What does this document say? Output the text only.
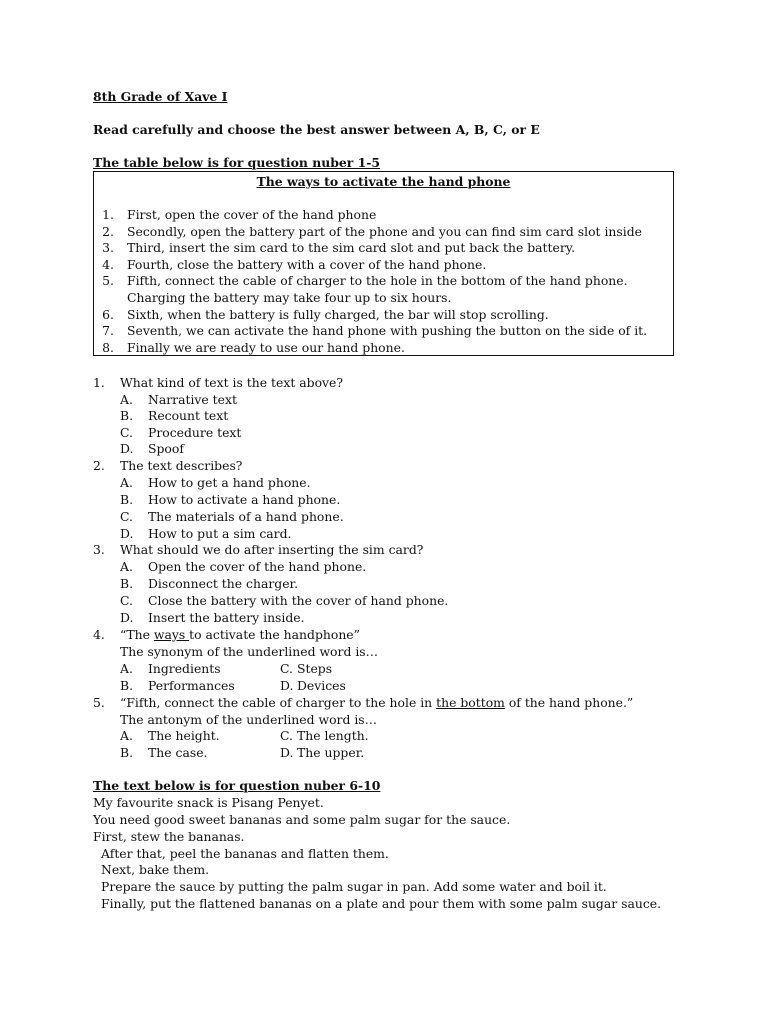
8th Grade of Xave I
Read carefully and choose the best answer between A, B, C, or E
The table below is for question nuber 1-5
The ways to activate the hand phone
1. First, open the cover of the hand phone
2. Secondly, open the battery part of the phone and you can find sim card slot inside
3. Third, insert the sim card to the sim card slot and put back the battery.
4. Fourth, close the battery with a cover of the hand phone.
5. Fifth, connect the cable of charger to the hole in the bottom of the hand phone.
Charging the battery may take four up to six hours.
6. Sixth, when the battery is fully charged, the bar will stop scrolling.
7. Seventh, we can activate the hand phone with pushing the button on the side of it.
8. Finally we are ready to use our hand phone.
1. What kind of text is the text above?
A. Narrative text
B. Recount text
C. Procedure text
D. Spoof
2. The text describes?
A. How to get a hand phone.
B. How to activate a hand phone.
C. The materials of a hand phone.
D. How to put a sim card.
3. What should we do after inserting the sim card?
A. Open the cover of the hand phone.
B. Disconnect the charger.
C. Close the battery with the cover of hand phone.
D. Insert the battery inside.
4. “The ways to activate the handphone”
The synonym of the underlined word is…
A. Ingredients	C. Steps
B. Performances	D. Devices
5. “Fifth, connect the cable of charger to the hole in the bottom of the hand phone.”
The antonym of the underlined word is…
A. The height.	C. The length.
B. The case.	D. The upper.
The text below is for question nuber 6-10
My favourite snack is Pisang Penyet.
You need good sweet bananas and some palm sugar for the sauce.
First, stew the bananas.
After that, peel the bananas and flatten them.
Next, bake them.
Prepare the sauce by putting the palm sugar in pan. Add some water and boil it.
Finally, put the flattened bananas on a plate and pour them with some palm sugar sauce.
